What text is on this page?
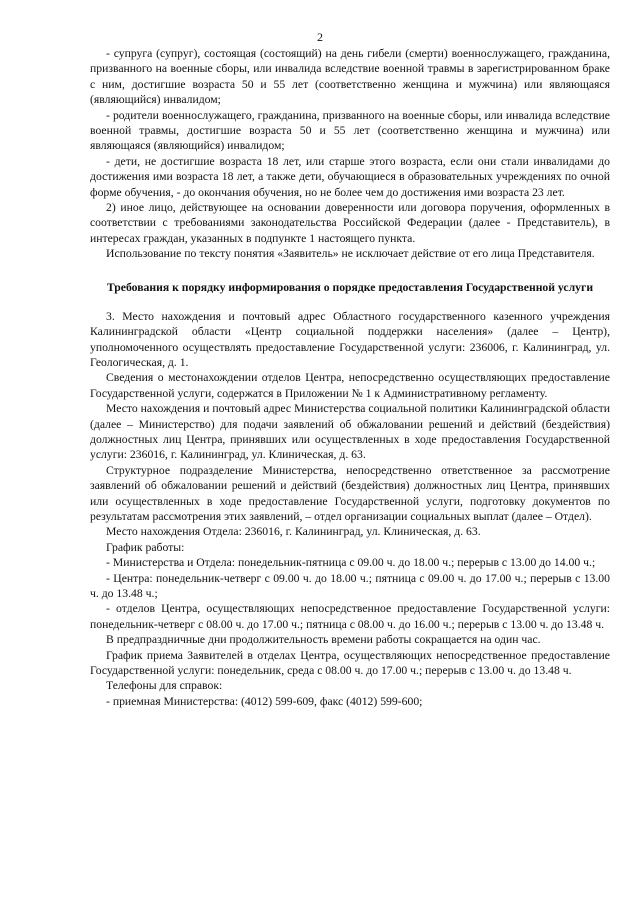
2

- супруга (супруг), состоящая (состоящий) на день гибели (смерти) военнослужащего, гражданина, призванного на военные сборы, или инвалида вследствие военной травмы в зарегистрированном браке с ним, достигшие возраста 50 и 55 лет (соответственно женщина и мужчина) или являющаяся (являющийся) инвалидом;

- родители военнослужащего, гражданина, призванного на военные сборы, или инвалида вследствие военной травмы, достигшие возраста 50 и 55 лет (соответственно женщина и мужчина) или являющаяся (являющийся) инвалидом;

- дети, не достигшие возраста 18 лет, или старше этого возраста, если они стали инвалидами до достижения ими возраста 18 лет, а также дети, обучающиеся в образовательных учреждениях по очной форме обучения, - до окончания обучения, но не более чем до достижения ими возраста 23 лет.

2) иное лицо, действующее на основании доверенности или договора поручения, оформленных в соответствии с требованиями законодательства Российской Федерации (далее - Представитель), в интересах граждан, указанных в подпункте 1 настоящего пункта.

Использование по тексту понятия «Заявитель» не исключает действие от его лица Представителя.

Требования к порядку информирования о порядке предоставления Государственной услуги

3. Место нахождения и почтовый адрес Областного государственного казенного учреждения Калининградской области «Центр социальной поддержки населения» (далее – Центр), уполномоченного осуществлять предоставление Государственной услуги: 236006, г. Калининград, ул. Геологическая, д. 1.

Сведения о местонахождении отделов Центра, непосредственно осуществляющих предоставление Государственной услуги, содержатся в Приложении № 1 к Административному регламенту.

Место нахождения и почтовый адрес Министерства социальной политики Калининградской области (далее – Министерство) для подачи заявлений об обжаловании решений и действий (бездействия) должностных лиц Центра, принявших или осуществленных в ходе предоставления Государственной услуги: 236016, г. Калининград, ул. Клиническая, д. 63.

Структурное подразделение Министерства, непосредственно ответственное за рассмотрение заявлений об обжаловании решений и действий (бездействия) должностных лиц Центра, принявших или осуществленных в ходе предоставление Государственной услуги, подготовку документов по результатам рассмотрения этих заявлений, – отдел организации социальных выплат (далее – Отдел).

Место нахождения Отдела: 236016, г. Калининград, ул. Клиническая, д. 63.

График работы:

- Министерства и Отдела: понедельник-пятница с 09.00 ч. до 18.00 ч.; перерыв с 13.00 до 14.00 ч.;

- Центра: понедельник-четверг с 09.00 ч. до 18.00 ч.; пятница с 09.00 ч. до 17.00 ч.; перерыв с 13.00 ч. до 13.48 ч.;

- отделов Центра, осуществляющих непосредственное предоставление Государственной услуги: понедельник-четверг с 08.00 ч. до 17.00 ч.; пятница с 08.00 ч. до 16.00 ч.; перерыв с 13.00 ч. до 13.48 ч.

В предпраздничные дни продолжительность времени работы сокращается на один час.

График приема Заявителей в отделах Центра, осуществляющих непосредственное предоставление Государственной услуги: понедельник, среда с 08.00 ч. до 17.00 ч.; перерыв с 13.00 ч. до 13.48 ч.

Телефоны для справок:

- приемная Министерства: (4012) 599-609, факс (4012) 599-600;
